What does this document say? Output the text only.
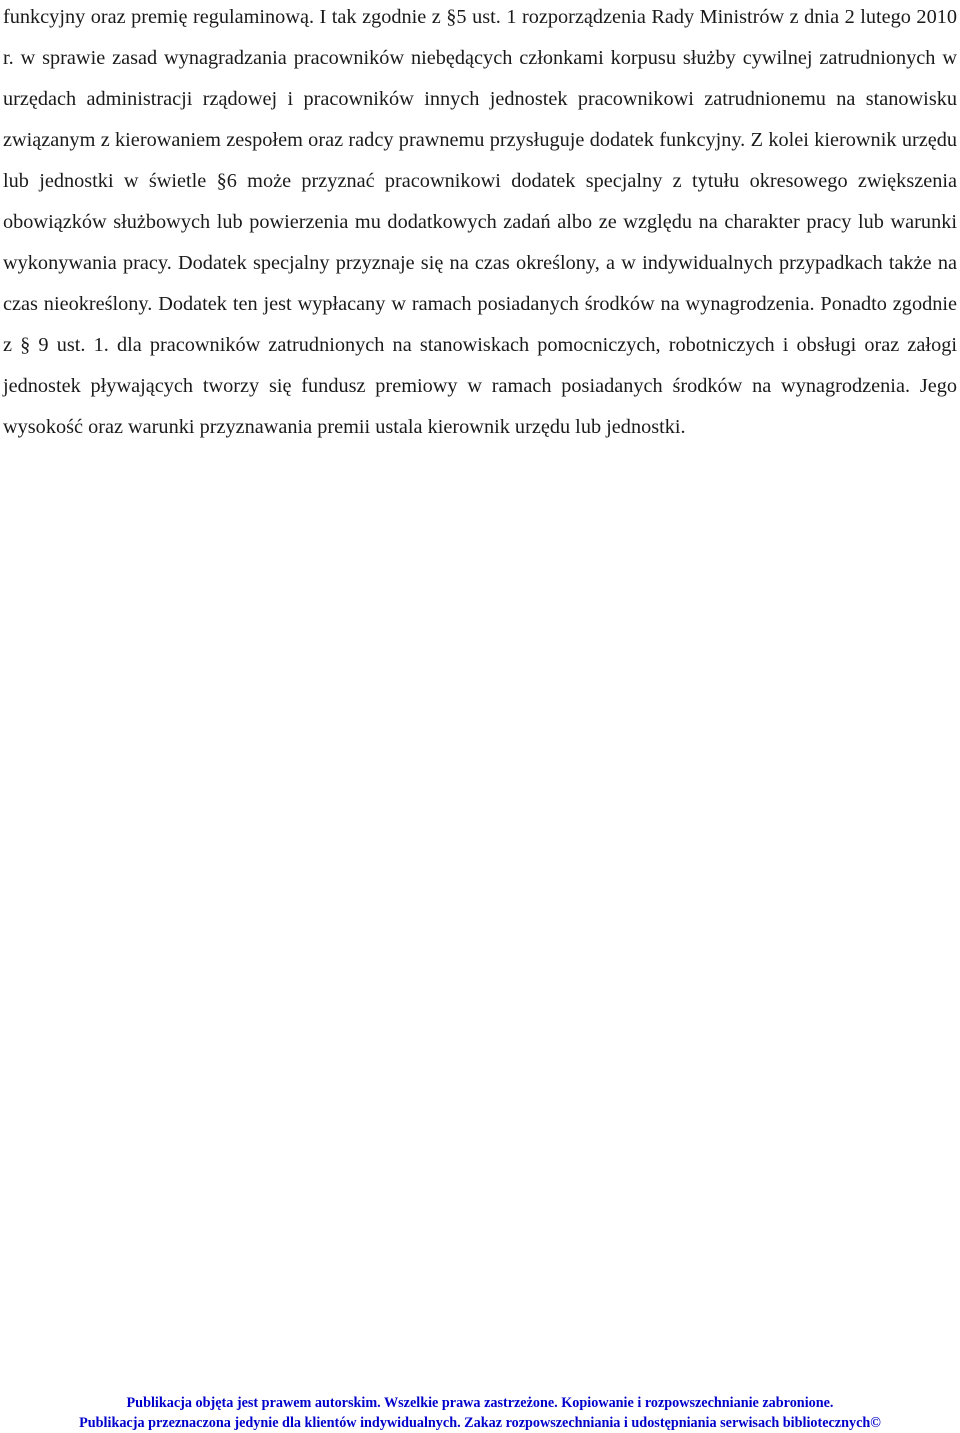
funkcyjny oraz premię regulaminową. I tak zgodnie z §5 ust. 1 rozporządzenia Rady Ministrów z dnia 2 lutego 2010 r. w sprawie zasad wynagradzania pracowników niebędących członkami korpusu służby cywilnej zatrudnionych w urzędach administracji rządowej i pracowników innych jednostek pracownikowi zatrudnionemu na stanowisku związanym z kierowaniem zespołem oraz radcy prawnemu przysługuje dodatek funkcyjny. Z kolei kierownik urzędu lub jednostki w świetle §6 może przyznać pracownikowi dodatek specjalny z tytułu okresowego zwiększenia obowiązków służbowych lub powierzenia mu dodatkowych zadań albo ze względu na charakter pracy lub warunki wykonywania pracy. Dodatek specjalny przyznaje się na czas określony, a w indywidualnych przypadkach także na czas nieokreślony. Dodatek ten jest wypłacany w ramach posiadanych środków na wynagrodzenia. Ponadto zgodnie z § 9 ust. 1. dla pracowników zatrudnionych na stanowiskach pomocniczych, robotniczych i obsługi oraz załogi jednostek pływających tworzy się fundusz premiowy w ramach posiadanych środków na wynagrodzenia. Jego wysokość oraz warunki przyznawania premii ustala kierownik urzędu lub jednostki.

Publikacja objęta jest prawem autorskim. Wszelkie prawa zastrzeżone. Kopiowanie i rozpowszechnianie zabronione.
Publikacja przeznaczona jedynie dla klientów indywidualnych. Zakaz rozpowszechniania i udostępniania serwisach bibliotecznych©
